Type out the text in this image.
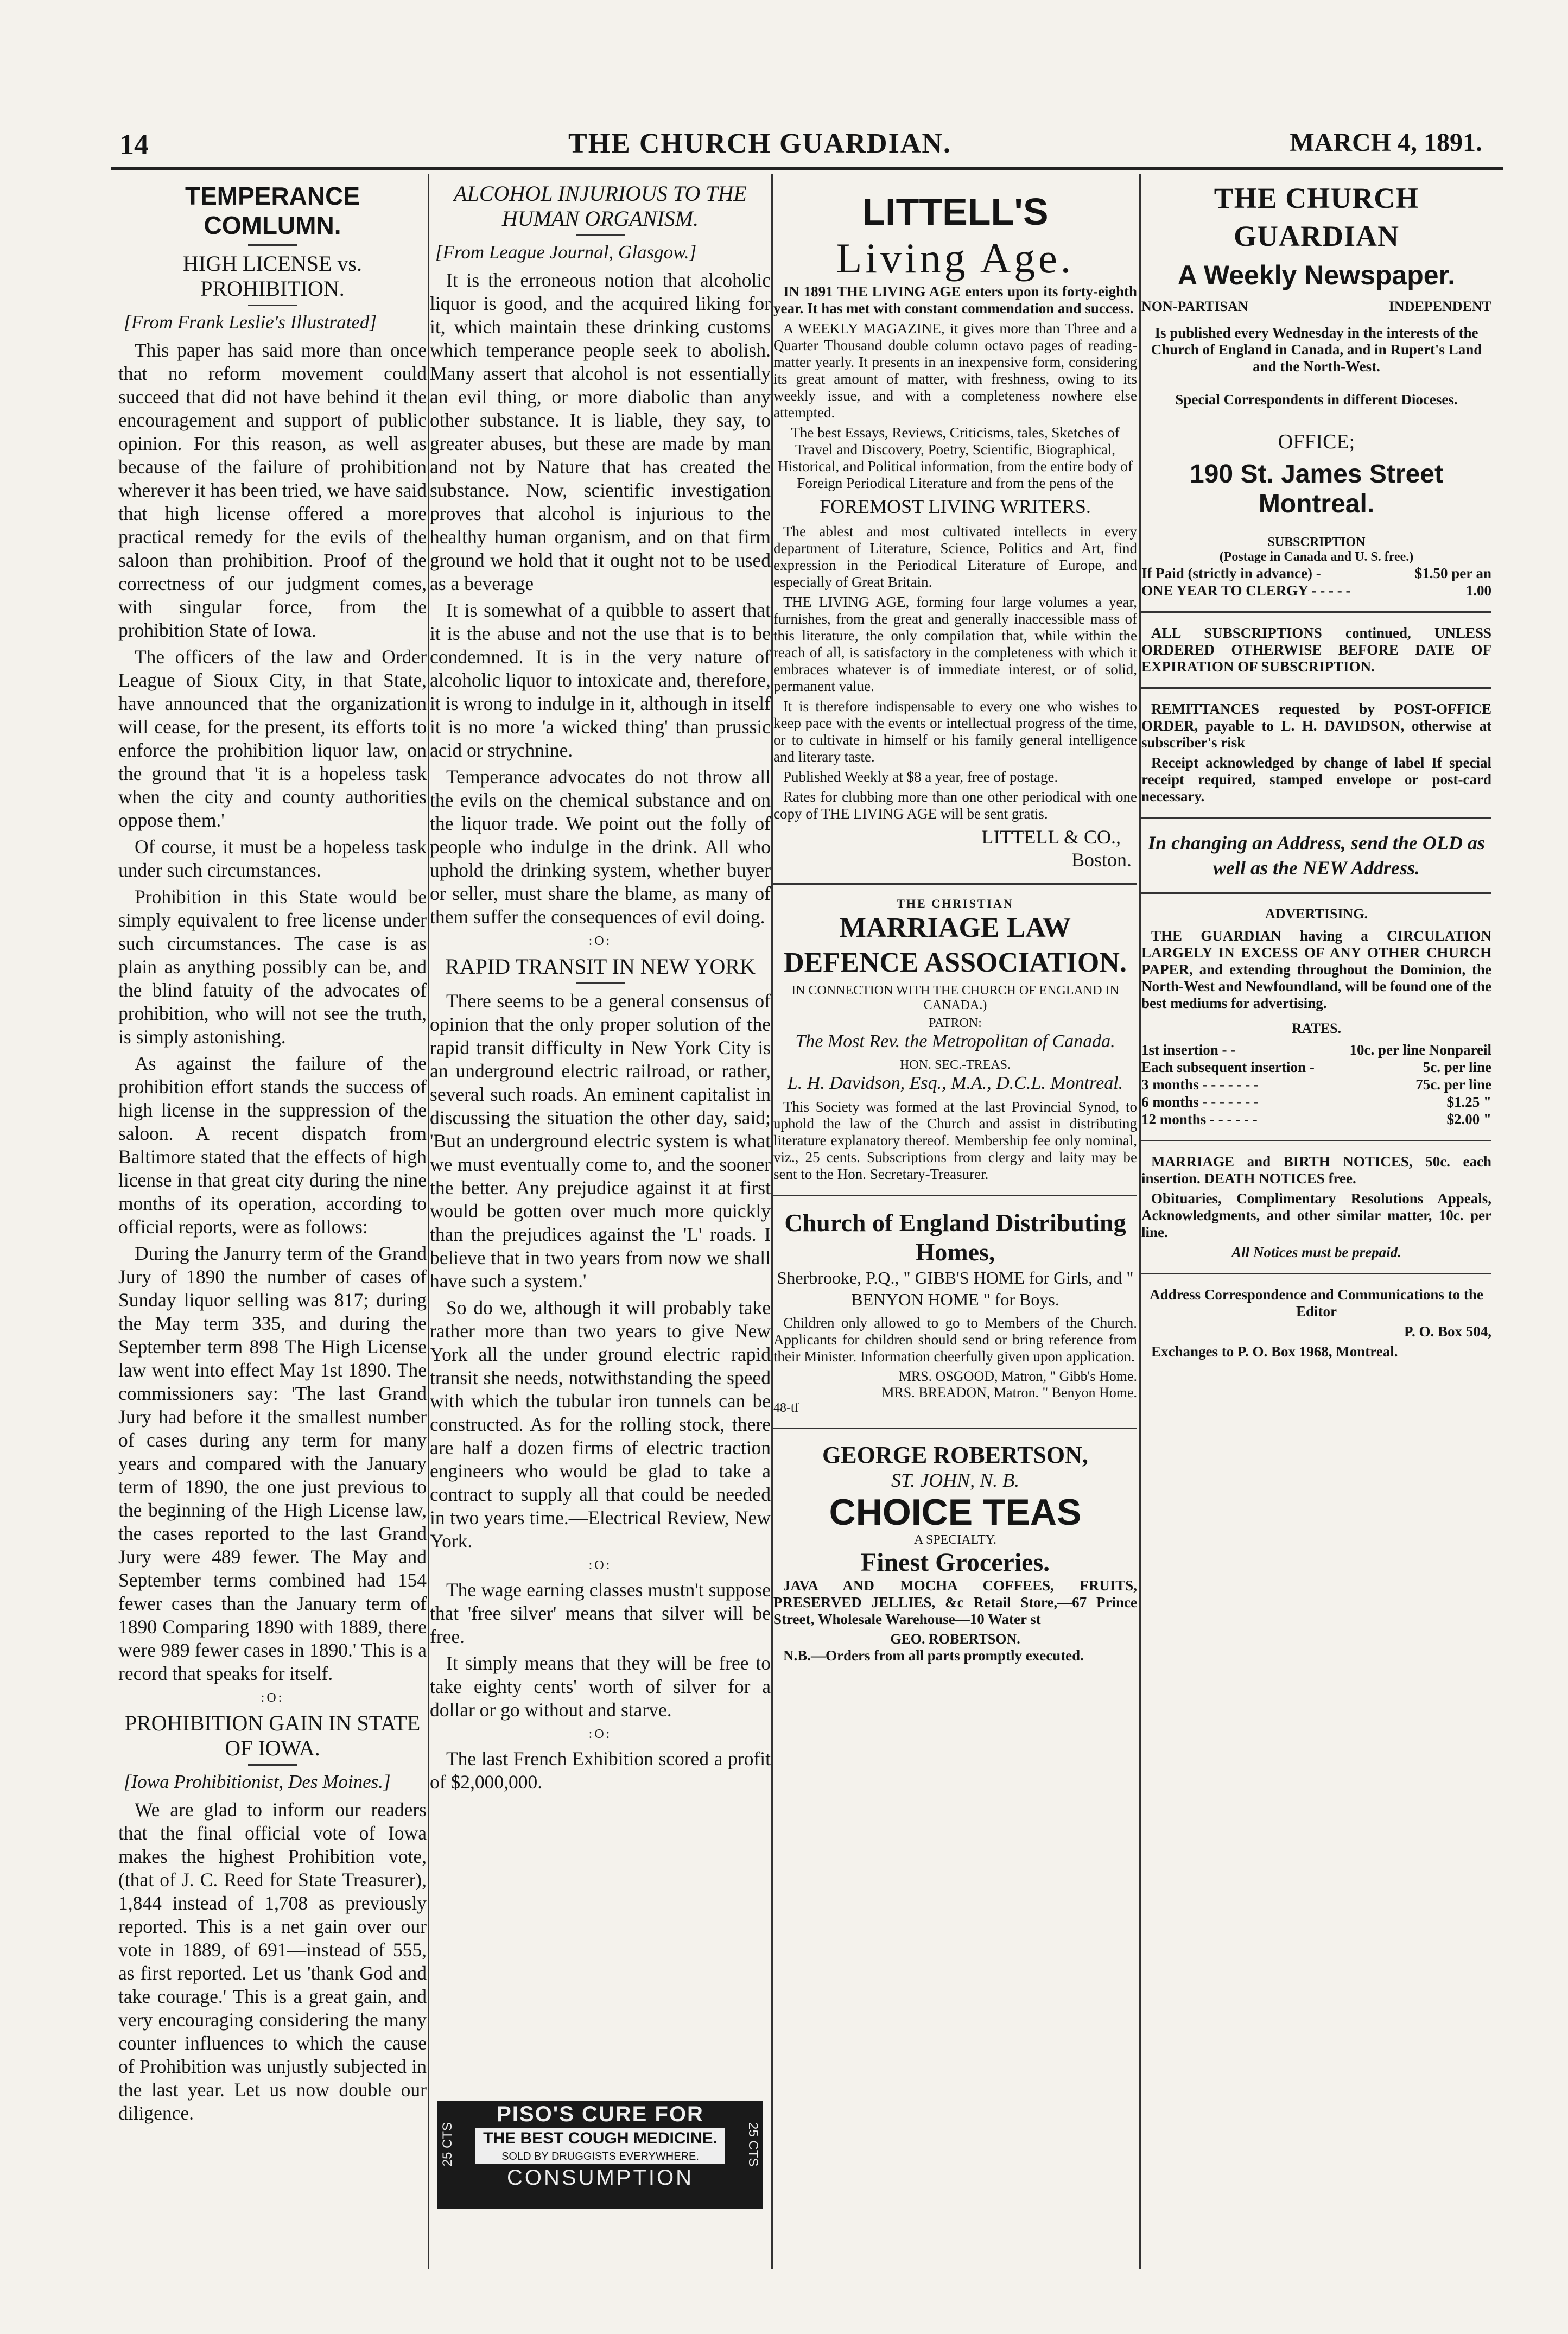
14	THE CHURCH GUARDIAN.	MARCH 4, 1891.
TEMPERANCE COMLUMN.
HIGH LICENSE vs. PROHIBITION.
[From Frank Leslie's Illustrated]

This paper has said more than once that no reform movement could succeed that did not have behind it the encouragement and support of public opinion. For this reason, as well as because of the failure of prohibition wherever it has been tried, we have said that high license offered a more practical remedy for the evils of the saloon than prohibition. Proof of the correctness of our judgment comes, with singular force, from the prohibition State of Iowa.

The officers of the law and Order League of Sioux City, in that State, have announced that the organization will cease, for the present, its efforts to enforce the prohibition liquor law, on the ground that 'it is a hopeless task when the city and county authorities oppose them.'

Of course, it must be a hopeless task under such circumstances.

Prohibition in this State would be simply equivalent to free license under such circumstances. The case is as plain as anything possibly can be, and the blind fatuity of the advocates of prohibition, who will not see the truth, is simply astonishing.

As against the failure of the prohibition effort stands the success of high license in the suppression of the saloon. A recent dispatch from Baltimore stated that the effects of high license in that great city during the nine months of its operation, according to official reports, were as follows:

During the Janurry term of the Grand Jury of 1890 the number of cases of Sunday liquor selling was 817; during the May term 335, and during the September term 898 The High License law went into effect May 1st 1890. The commissioners say: 'The last Grand Jury had before it the smallest number of cases during any term for many years and compared with the January term of 1890, the one just previous to the beginning of the High License law, the cases reported to the last Grand Jury were 489 fewer. The May and September terms combined had 154 fewer cases than the January term of 1890 Comparing 1890 with 1889, there were 989 fewer cases in 1890.' This is a record that speaks for itself.

:O:
PROHIBITION GAIN IN STATE OF IOWA.
[Iowa Prohibitionist, Des Moines.]

We are glad to inform our readers that the final official vote of Iowa makes the highest Prohibition vote, (that of J. C. Reed for State Treasurer), 1,844 instead of 1,708 as previously reported. This is a net gain over our vote in 1889, of 691—instead of 555, as first reported. Let us 'thank God and take courage.' This is a great gain, and very encouraging considering the many counter influences to which the cause of Prohibition was unjustly subjected in the last year. Let us now double our diligence.

ALCOHOL INJURIOUS TO THE HUMAN ORGANISM.
[From League Journal, Glasgow.]

It is the erroneous notion that alcoholic liquor is good, and the acquired liking for it, which maintain these drinking customs which temperance people seek to abolish. Many assert that alcohol is not essentially an evil thing, or more diabolic than any other substance. It is liable, they say, to greater abuses, but these are made by man and not by Nature that has created the substance. Now, scientific investigation proves that alcohol is injurious to the healthy human organism, and on that firm ground we hold that it ought not to be used as a beverage

It is somewhat of a quibble to assert that it is the abuse and not the use that is to be condemned. It is in the very nature of alcoholic liquor to intoxicate and, therefore, it is wrong to indulge in it, although in itself it is no more 'a wicked thing' than prussic acid or strychnine.

Temperance advocates do not throw all the evils on the chemical substance and on the liquor trade. We point out the folly of people who indulge in the drink. All who uphold the drinking system, whether buyer or seller, must share the blame, as many of them suffer the consequences of evil doing.

:O:
RAPID TRANSIT IN NEW YORK

There seems to be a general consensus of opinion that the only proper solution of the rapid transit difficulty in New York City is an underground electric railroad, or rather, several such roads. An eminent capitalist in discussing the situation the other day, said; 'But an underground electric system is what we must eventually come to, and the sooner the better. Any prejudice against it at first would be gotten over much more quickly than the prejudices against the 'L' roads. I believe that in two years from now we shall have such a system.'

So do we, although it will probably take rather more than two years to give New York all the under ground electric rapid transit she needs, notwithstanding the speed with which the tubular iron tunnels can be constructed. As for the rolling stock, there are half a dozen firms of electric traction engineers who would be glad to take a contract to supply all that could be needed in two years time.—Electrical Review, New York.

:O:

The wage earning classes mustn't suppose that 'free silver' means that silver will be free.

It simply means that they will be free to take eighty cents' worth of silver for a dollar or go without and starve.

:O:

The last French Exhibition scored a profit of $2,000,000.

PISO'S CURE FOR
THE BEST COUGH MEDICINE.
SOLD BY DRUGGISTS EVERYWHERE.
CONSUMPTION
25 CTS	25 CTS
LITTELL'S
Living Age.

IN 1891 THE LIVING AGE enters upon its forty-eighth year. It has met with constant commendation and success.

A WEEKLY MAGAZINE, it gives more than Three and a Quarter Thousand double column octavo pages of reading-matter yearly. It presents in an inexpensive form, considering its great amount of matter, with freshness, owing to its weekly issue, and with a completeness nowhere else attempted.

The best Essays, Reviews, Criticisms, tales, Sketches of Travel and Discovery, Poetry, Scientific, Biographical, Historical, and Political information, from the entire body of Foreign Periodical Literature and from the pens of the

FOREMOST LIVING WRITERS.

The ablest and most cultivated intellects in every department of Literature, Science, Politics and Art, find expression in the Periodical Literature of Europe, and especially of Great Britain.

THE LIVING AGE, forming four large volumes a year, furnishes, from the great and generally inaccessible mass of this literature, the only compilation that, while within the reach of all, is satisfactory in the completeness with which it embraces whatever is of immediate interest, or of solid, permanent value.

It is therefore indispensable to every one who wishes to keep pace with the events or intellectual progress of the time, or to cultivate in himself or his family general intelligence and literary taste.

Published Weekly at $8 a year, free of postage.

Rates for clubbing more than one other periodical with one copy of THE LIVING AGE will be sent gratis.

LITTELL & CO.,
Boston.
THE CHRISTIAN
MARRIAGE LAW DEFENCE ASSOCIATION.
IN CONNECTION WITH THE CHURCH OF ENGLAND IN CANADA.)
PATRON:
The Most Rev. the Metropolitan of Canada.
HON. SEC.-TREAS.
L. H. Davidson, Esq., M.A., D.C.L. Montreal.

This Society was formed at the last Provincial Synod, to uphold the law of the Church and assist in distributing literature explanatory thereof. Membership fee only nominal, viz., 25 cents. Subscriptions from clergy and laity may be sent to the Hon. Secretary-Treasurer.

Church of England Distributing Homes,
Sherbrooke, P.Q., " GIBB'S HOME for Girls, and " BENYON HOME " for Boys.

Children only allowed to go to Members of the Church. Applicants for children should send or bring reference from their Minister. Information cheerfully given upon application.

MRS. OSGOOD, Matron, " Gibb's Home.
MRS. BREADON, Matron. " Benyon Home.
48-tf
GEORGE ROBERTSON,
ST. JOHN, N. B.
CHOICE TEAS
A SPECIALTY.
Finest Groceries.

JAVA AND MOCHA COFFEES, FRUITS, PRESERVED JELLIES, &c Retail Store,—67 Prince Street, Wholesale Warehouse—10 Water st

GEO. ROBERTSON.

N.B.—Orders from all parts promptly executed.

THE CHURCH GUARDIAN
A Weekly Newspaper.
NON-PARTISAN	INDEPENDENT

Is published every Wednesday in the interests of the Church of England in Canada, and in Rupert's Land and the North-West.

Special Correspondents in different Dioceses.

OFFICE;
190 St. James Street Montreal.
SUBSCRIPTION
(Postage in Canada and U. S. free.)
If Paid (strictly in advance) -	$1.50 per an
ONE YEAR TO CLERGY - - - - -	1.00

ALL SUBSCRIPTIONS continued, UNLESS ORDERED OTHERWISE BEFORE DATE OF EXPIRATION OF SUBSCRIPTION.

REMITTANCES requested by POST-OFFICE ORDER, payable to L. H. DAVIDSON, otherwise at subscriber's risk

Receipt acknowledged by change of label If special receipt required, stamped envelope or post-card necessary.

In changing an Address, send the OLD as well as the NEW Address.

ADVERTISING.

THE GUARDIAN having a CIRCULATION LARGELY IN EXCESS OF ANY OTHER CHURCH PAPER, and extending throughout the Dominion, the North-West and Newfoundland, will be found one of the best mediums for advertising.

RATES.
1st insertion - -	10c. per line Nonpareil
Each subsequent insertion -	5c. per line
3 months - - - - - - -	75c. per line
6 months - - - - - - -	$1.25 "
12 months - - - - - -	$2.00 "

MARRIAGE and BIRTH NOTICES, 50c. each insertion. DEATH NOTICES free.

Obituaries, Complimentary Resolutions Appeals, Acknowledgments, and other similar matter, 10c. per line.

All Notices must be prepaid.

Address Correspondence and Communications to the Editor

P. O. Box 504,

Exchanges to P. O. Box 1968, Montreal.
